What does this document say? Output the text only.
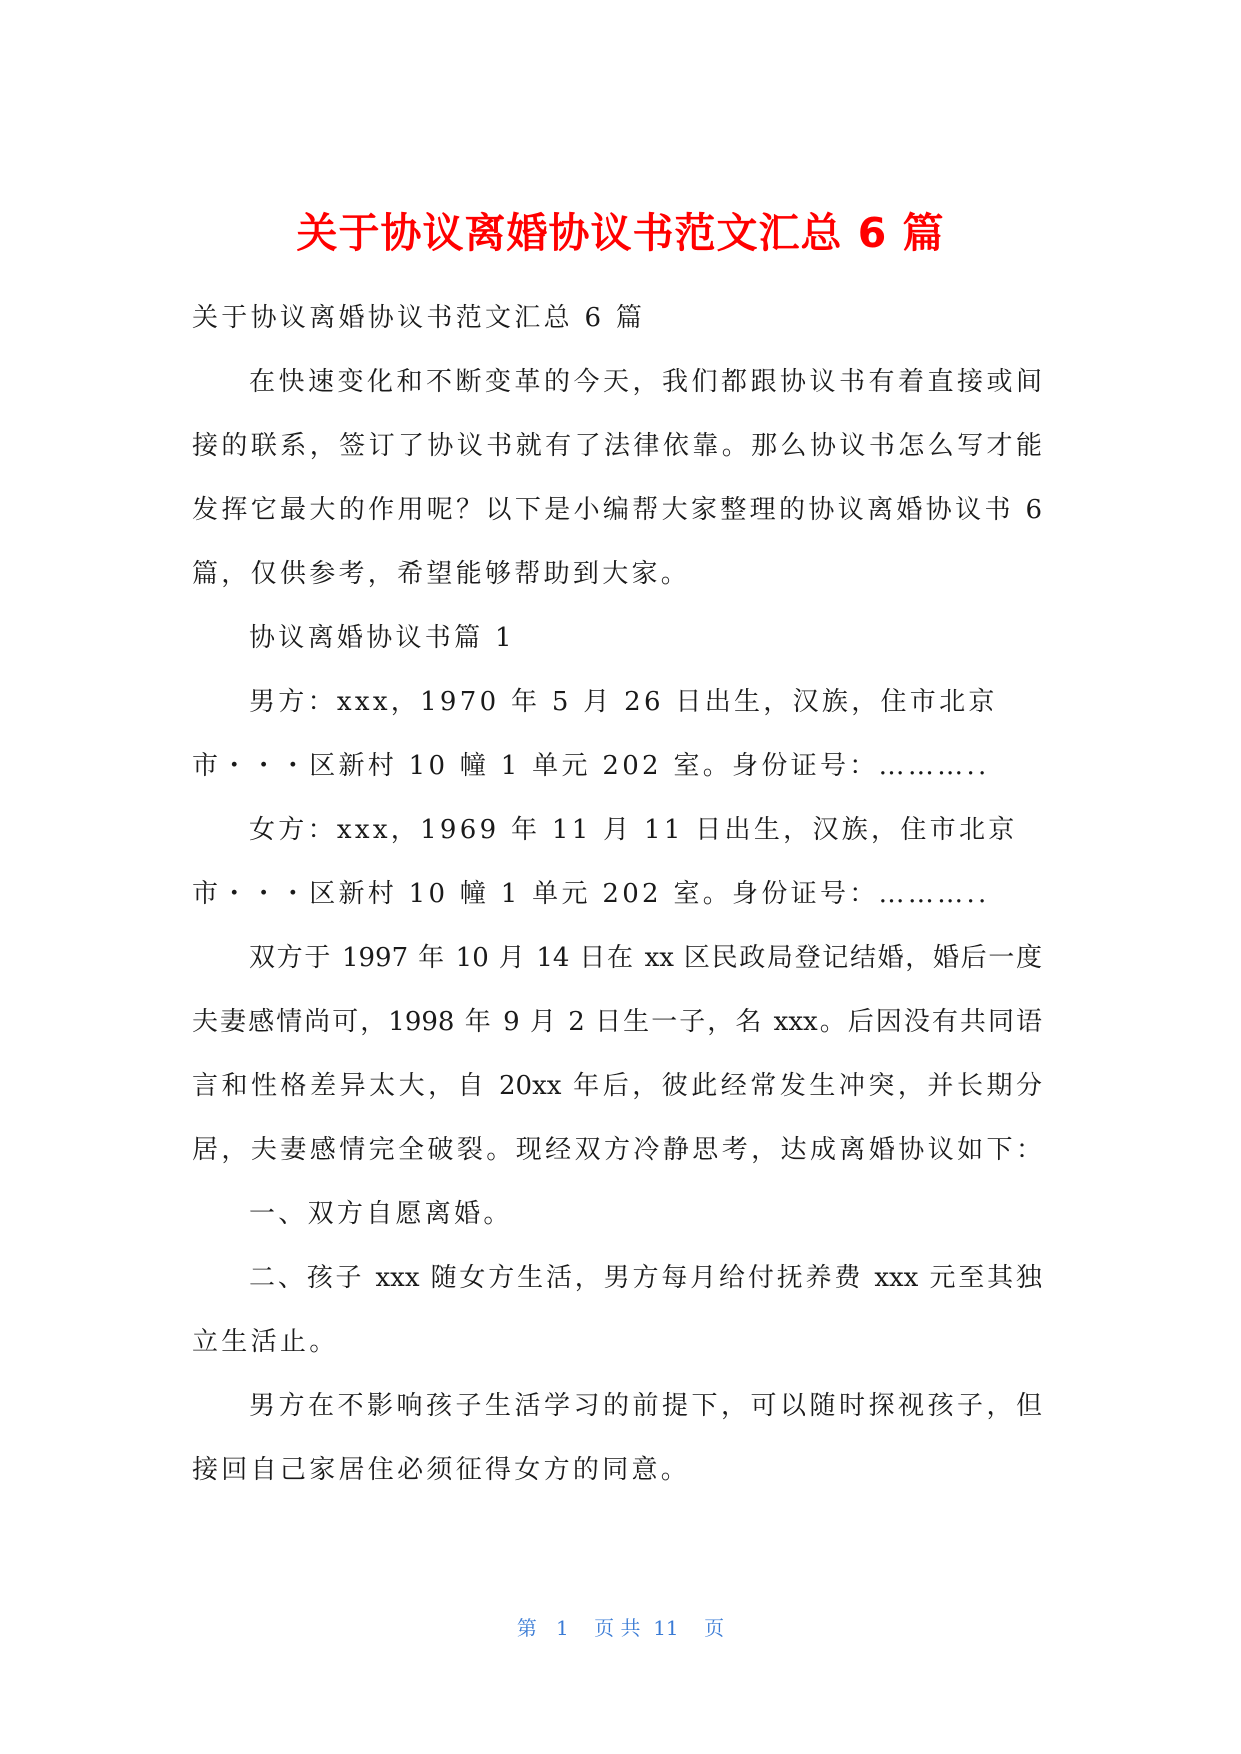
关于协议离婚协议书范文汇总 6 篇
关于协议离婚协议书范文汇总 6 篇
在快速变化和不断变革的今天，我们都跟协议书有着直接或间
接的联系，签订了协议书就有了法律依靠。那么协议书怎么写才能
发挥它最大的作用呢？以下是小编帮大家整理的协议离婚协议书 6
篇，仅供参考，希望能够帮助到大家。
协议离婚协议书篇 1
男方：xxx，1970 年 5 月 26 日出生，汉族，住市北京
市・・・区新村 10 幢 1 单元 202 室。身份证号：………..
女方：xxx，1969 年 11 月 11 日出生，汉族，住市北京
市・・・区新村 10 幢 1 单元 202 室。身份证号：………..
双方于 1997 年 10 月 14 日在 xx 区民政局登记结婚，婚后一度
夫妻感情尚可，1998 年 9 月 2 日生一子，名 xxx。后因没有共同语
言和性格差异太大，自 20xx 年后，彼此经常发生冲突，并长期分
居，夫妻感情完全破裂。现经双方冷静思考，达成离婚协议如下：
一、双方自愿离婚。
二、孩子 xxx 随女方生活，男方每月给付抚养费 xxx 元至其独
立生活止。
男方在不影响孩子生活学习的前提下，可以随时探视孩子，但
接回自己家居住必须征得女方的同意。
第   1    页 共  11    页
